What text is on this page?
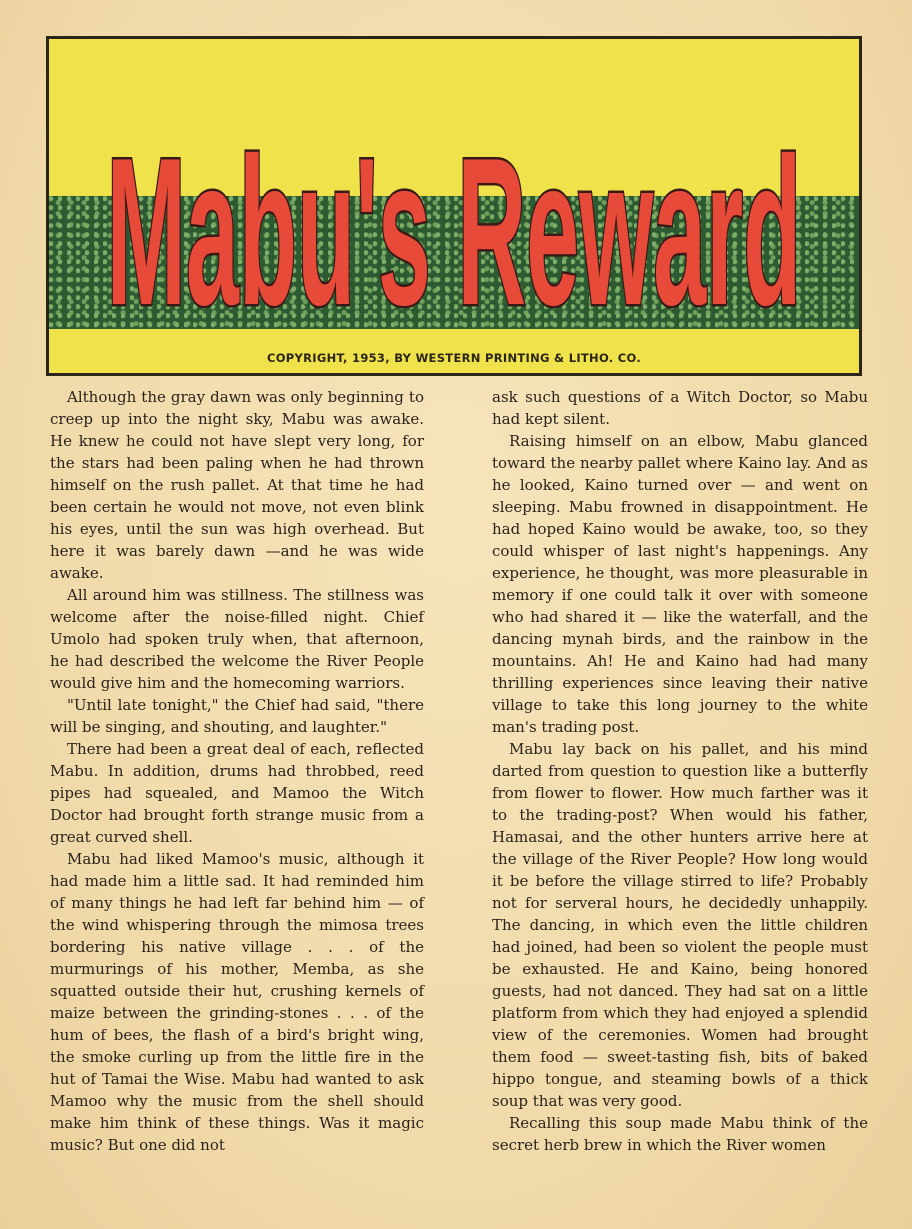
Mabu's Reward
COPYRIGHT, 1953, BY WESTERN PRINTING & LITHO. CO.

Although the gray dawn was only beginning to creep up into the night sky, Mabu was awake. He knew he could not have slept very long, for the stars had been paling when he had thrown himself on the rush pallet. At that time he had been certain he would not move, not even blink his eyes, until the sun was high overhead. But here it was barely dawn —and he was wide awake.

All around him was stillness. The stillness was welcome after the noise-filled night. Chief Umolo had spoken truly when, that afternoon, he had described the welcome the River People would give him and the homecoming warriors.

"Until late tonight," the Chief had said, "there will be singing, and shouting, and laughter."

There had been a great deal of each, reflected Mabu. In addition, drums had throbbed, reed pipes had squealed, and Mamoo the Witch Doctor had brought forth strange music from a great curved shell.

Mabu had liked Mamoo's music, although it had made him a little sad. It had reminded him of many things he had left far behind him — of the wind whispering through the mimosa trees bordering his native village . . . of the murmurings of his mother, Memba, as she squatted outside their hut, crushing kernels of maize between the grinding-stones . . . of the hum of bees, the flash of a bird's bright wing, the smoke curling up from the little fire in the hut of Tamai the Wise. Mabu had wanted to ask Mamoo why the music from the shell should make him think of these things. Was it magic music? But one did not

ask such questions of a Witch Doctor, so Mabu had kept silent.

Raising himself on an elbow, Mabu glanced toward the nearby pallet where Kaino lay. And as he looked, Kaino turned over — and went on sleeping. Mabu frowned in disappointment. He had hoped Kaino would be awake, too, so they could whisper of last night's happenings. Any experience, he thought, was more pleasurable in memory if one could talk it over with someone who had shared it — like the waterfall, and the dancing mynah birds, and the rainbow in the mountains. Ah! He and Kaino had had many thrilling experiences since leaving their native village to take this long journey to the white man's trading post.

Mabu lay back on his pallet, and his mind darted from question to question like a butterfly from flower to flower. How much farther was it to the trading-post? When would his father, Hamasai, and the other hunters arrive here at the village of the River People? How long would it be before the village stirred to life? Probably not for serveral hours, he decidedly unhappily. The dancing, in which even the little children had joined, had been so violent the people must be exhausted. He and Kaino, being honored guests, had not danced. They had sat on a little platform from which they had enjoyed a splendid view of the ceremonies. Women had brought them food — sweet-tasting fish, bits of baked hippo tongue, and steaming bowls of a thick soup that was very good.

Recalling this soup made Mabu think of the secret herb brew in which the River women
